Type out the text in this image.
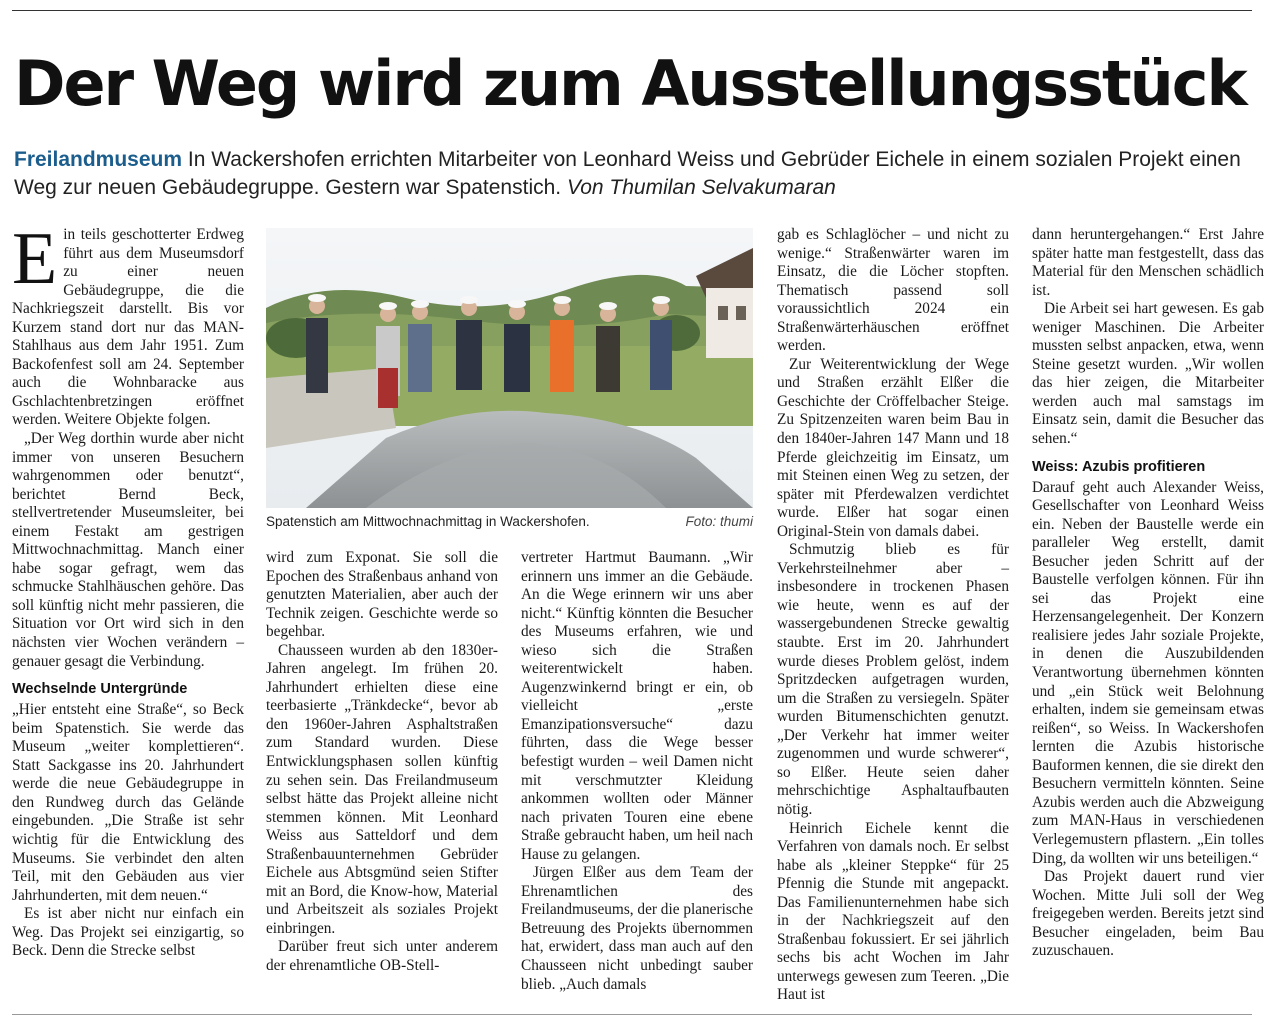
Der Weg wird zum Ausstellungsstück
Freilandmuseum In Wackershofen errichten Mitarbeiter von Leonhard Weiss und Gebrüder Eichele in einem sozialen Projekt einen Weg zur neuen Gebäudegruppe. Gestern war Spatenstich. Von Thumilan Selvakumaran

Ein teils geschotterter Erdweg führt aus dem Museumsdorf zu einer neuen Gebäudegruppe, die die Nachkriegszeit darstellt. Bis vor Kurzem stand dort nur das MAN-Stahlhaus aus dem Jahr 1951. Zum Backofenfest soll am 24. September auch die Wohnbaracke aus Gschlachtenbretzingen eröffnet werden. Weitere Objekte folgen.

„Der Weg dorthin wurde aber nicht immer von unseren Besuchern wahrgenommen oder benutzt“, berichtet Bernd Beck, stellvertretender Museumsleiter, bei einem Festakt am gestrigen Mittwochnachmittag. Manch einer habe sogar gefragt, wem das schmucke Stahlhäuschen gehöre. Das soll künftig nicht mehr passieren, die Situation vor Ort wird sich in den nächsten vier Wochen verändern – genauer gesagt die Verbindung.

Wechselnde Untergründe

„Hier entsteht eine Straße“, so Beck beim Spatenstich. Sie werde das Museum „weiter komplettieren“. Statt Sackgasse ins 20. Jahrhundert werde die neue Gebäudegruppe in den Rundweg durch das Gelände eingebunden. „Die Straße ist sehr wichtig für die Entwicklung des Museums. Sie verbindet den alten Teil, mit den Gebäuden aus vier Jahrhunderten, mit dem neuen.“

Es ist aber nicht nur einfach ein Weg. Das Projekt sei einzigartig, so Beck. Denn die Strecke selbst

Spatenstich am Mittwochnachmittag in Wackershofen.	Foto: thumi

wird zum Exponat. Sie soll die Epochen des Straßenbaus anhand von genutzten Materialien, aber auch der Technik zeigen. Geschichte werde so begehbar.

Chausseen wurden ab den 1830er-Jahren angelegt. Im frühen 20. Jahrhundert erhielten diese eine teerbasierte „Tränkdecke“, bevor ab den 1960er-Jahren Asphaltstraßen zum Standard wurden. Diese Entwicklungsphasen sollen künftig zu sehen sein. Das Freilandmuseum selbst hätte das Projekt alleine nicht stemmen können. Mit Leonhard Weiss aus Satteldorf und dem Straßenbauunternehmen Gebrüder Eichele aus Abtsgmünd seien Stifter mit an Bord, die Know-how, Material und Arbeitszeit als soziales Projekt einbringen.

Darüber freut sich unter anderem der ehrenamtliche OB-Stell-

vertreter Hartmut Baumann. „Wir erinnern uns immer an die Gebäude. An die Wege erinnern wir uns aber nicht.“ Künftig könnten die Besucher des Museums erfahren, wie und wieso sich die Straßen weiterentwickelt haben. Augenzwinkernd bringt er ein, ob vielleicht „erste Emanzipationsversuche“ dazu führten, dass die Wege besser befestigt wurden – weil Damen nicht mit verschmutzter Kleidung ankommen wollten oder Männer nach privaten Touren eine ebene Straße gebraucht haben, um heil nach Hause zu gelangen.

Jürgen Elßer aus dem Team der Ehrenamtlichen des Freilandmuseums, der die planerische Betreuung des Projekts übernommen hat, erwidert, dass man auch auf den Chausseen nicht unbedingt sauber blieb. „Auch damals

gab es Schlaglöcher – und nicht zu wenige.“ Straßenwärter waren im Einsatz, die die Löcher stopften. Thematisch passend soll voraussichtlich 2024 ein Straßenwärterhäuschen eröffnet werden.

Zur Weiterentwicklung der Wege und Straßen erzählt Elßer die Geschichte der Cröffelbacher Steige. Zu Spitzenzeiten waren beim Bau in den 1840er-Jahren 147 Mann und 18 Pferde gleichzeitig im Einsatz, um mit Steinen einen Weg zu setzen, der später mit Pferdewalzen verdichtet wurde. Elßer hat sogar einen Original-Stein von damals dabei.

Schmutzig blieb es für Verkehrsteilnehmer aber – insbesondere in trockenen Phasen wie heute, wenn es auf der wassergebundenen Strecke gewaltig staubte. Erst im 20. Jahrhundert wurde dieses Problem gelöst, indem Spritzdecken aufgetragen wurden, um die Straßen zu versiegeln. Später wurden Bitumenschichten genutzt. „Der Verkehr hat immer weiter zugenommen und wurde schwerer“, so Elßer. Heute seien daher mehrschichtige Asphaltaufbauten nötig.

Heinrich Eichele kennt die Verfahren von damals noch. Er selbst habe als „kleiner Steppke“ für 25 Pfennig die Stunde mit angepackt. Das Familienunternehmen habe sich in der Nachkriegszeit auf den Straßenbau fokussiert. Er sei jährlich sechs bis acht Wochen im Jahr unterwegs gewesen zum Teeren. „Die Haut ist

dann heruntergehangen.“ Erst Jahre später hatte man festgestellt, dass das Material für den Menschen schädlich ist.

Die Arbeit sei hart gewesen. Es gab weniger Maschinen. Die Arbeiter mussten selbst anpacken, etwa, wenn Steine gesetzt wurden. „Wir wollen das hier zeigen, die Mitarbeiter werden auch mal samstags im Einsatz sein, damit die Besucher das sehen.“

Weiss: Azubis profitieren

Darauf geht auch Alexander Weiss, Gesellschafter von Leonhard Weiss ein. Neben der Baustelle werde ein paralleler Weg erstellt, damit Besucher jeden Schritt auf der Baustelle verfolgen können. Für ihn sei das Projekt eine Herzensangelegenheit. Der Konzern realisiere jedes Jahr soziale Projekte, in denen die Auszubildenden Verantwortung übernehmen könnten und „ein Stück weit Belohnung erhalten, indem sie gemeinsam etwas reißen“, so Weiss. In Wackershofen lernten die Azubis historische Bauformen kennen, die sie direkt den Besuchern vermitteln könnten. Seine Azubis werden auch die Abzweigung zum MAN-Haus in verschiedenen Verlegemustern pflastern. „Ein tolles Ding, da wollten wir uns beteiligen.“

Das Projekt dauert rund vier Wochen. Mitte Juli soll der Weg freigegeben werden. Bereits jetzt sind Besucher eingeladen, beim Bau zuzuschauen.
